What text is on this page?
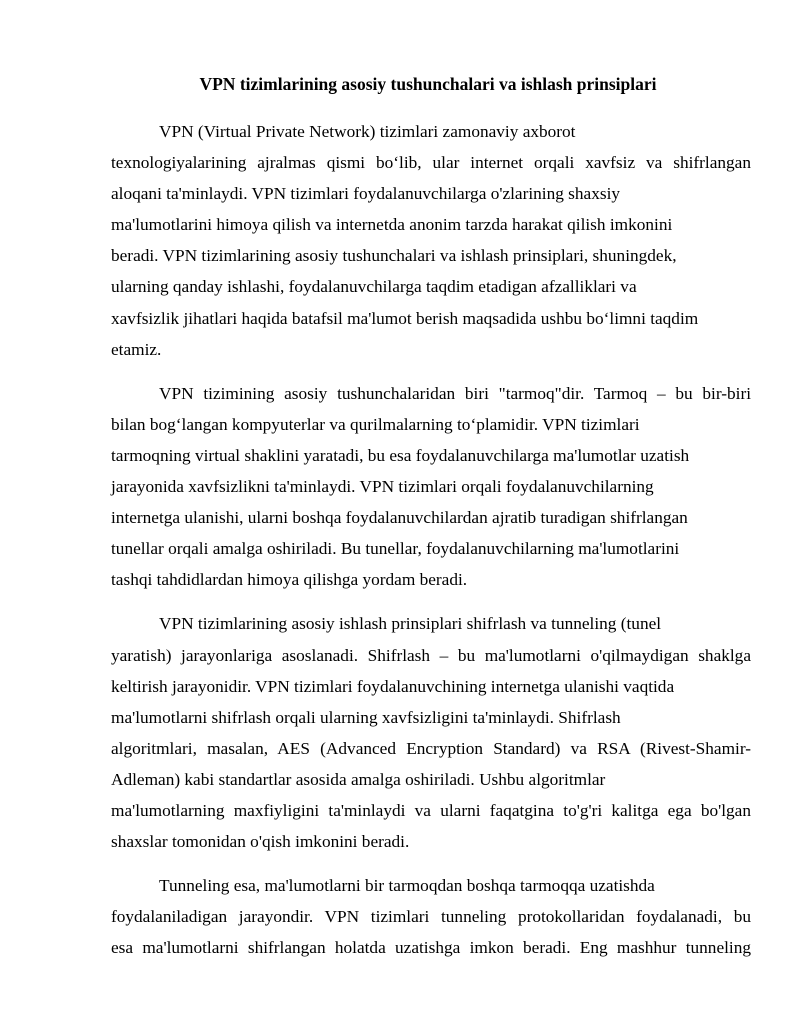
VPN tizimlarining asosiy tushunchalari va ishlash prinsiplari
VPN (Virtual Private Network) tizimlari zamonaviy axborot
texnologiyalarining ajralmas qismi bo‘lib, ular internet orqali xavfsiz va shifrlangan
aloqani ta'minlaydi. VPN tizimlari foydalanuvchilarga o'zlarining shaxsiy
ma'lumotlarini himoya qilish va internetda anonim tarzda harakat qilish imkonini
beradi. VPN tizimlarining asosiy tushunchalari va ishlash prinsiplari, shuningdek,
ularning qanday ishlashi, foydalanuvchilarga taqdim etadigan afzalliklari va
xavfsizlik jihatlari haqida batafsil ma'lumot berish maqsadida ushbu bo‘limni taqdim
etamiz.
VPN tizimining asosiy tushunchalaridan biri "tarmoq"dir. Tarmoq – bu bir-biri
bilan bog‘langan kompyuterlar va qurilmalarning to‘plamidir. VPN tizimlari
tarmoqning virtual shaklini yaratadi, bu esa foydalanuvchilarga ma'lumotlar uzatish
jarayonida xavfsizlikni ta'minlaydi. VPN tizimlari orqali foydalanuvchilarning
internetga ulanishi, ularni boshqa foydalanuvchilardan ajratib turadigan shifrlangan
tunellar orqali amalga oshiriladi. Bu tunellar, foydalanuvchilarning ma'lumotlarini
tashqi tahdidlardan himoya qilishga yordam beradi.
VPN tizimlarining asosiy ishlash prinsiplari shifrlash va tunneling (tunel
yaratish) jarayonlariga asoslanadi. Shifrlash – bu ma'lumotlarni o'qilmaydigan shaklga
keltirish jarayonidir. VPN tizimlari foydalanuvchining internetga ulanishi vaqtida
ma'lumotlarni shifrlash orqali ularning xavfsizligini ta'minlaydi. Shifrlash
algoritmlari, masalan, AES (Advanced Encryption Standard) va RSA (Rivest-Shamir-
Adleman) kabi standartlar asosida amalga oshiriladi. Ushbu algoritmlar
ma'lumotlarning maxfiyligini ta'minlaydi va ularni faqatgina to'g'ri kalitga ega bo'lgan
shaxslar tomonidan o'qish imkonini beradi.
Tunneling esa, ma'lumotlarni bir tarmoqdan boshqa tarmoqqa uzatishda
foydalaniladigan jarayondir. VPN tizimlari tunneling protokollaridan foydalanadi, bu
esa ma'lumotlarni shifrlangan holatda uzatishga imkon beradi. Eng mashhur tunneling
